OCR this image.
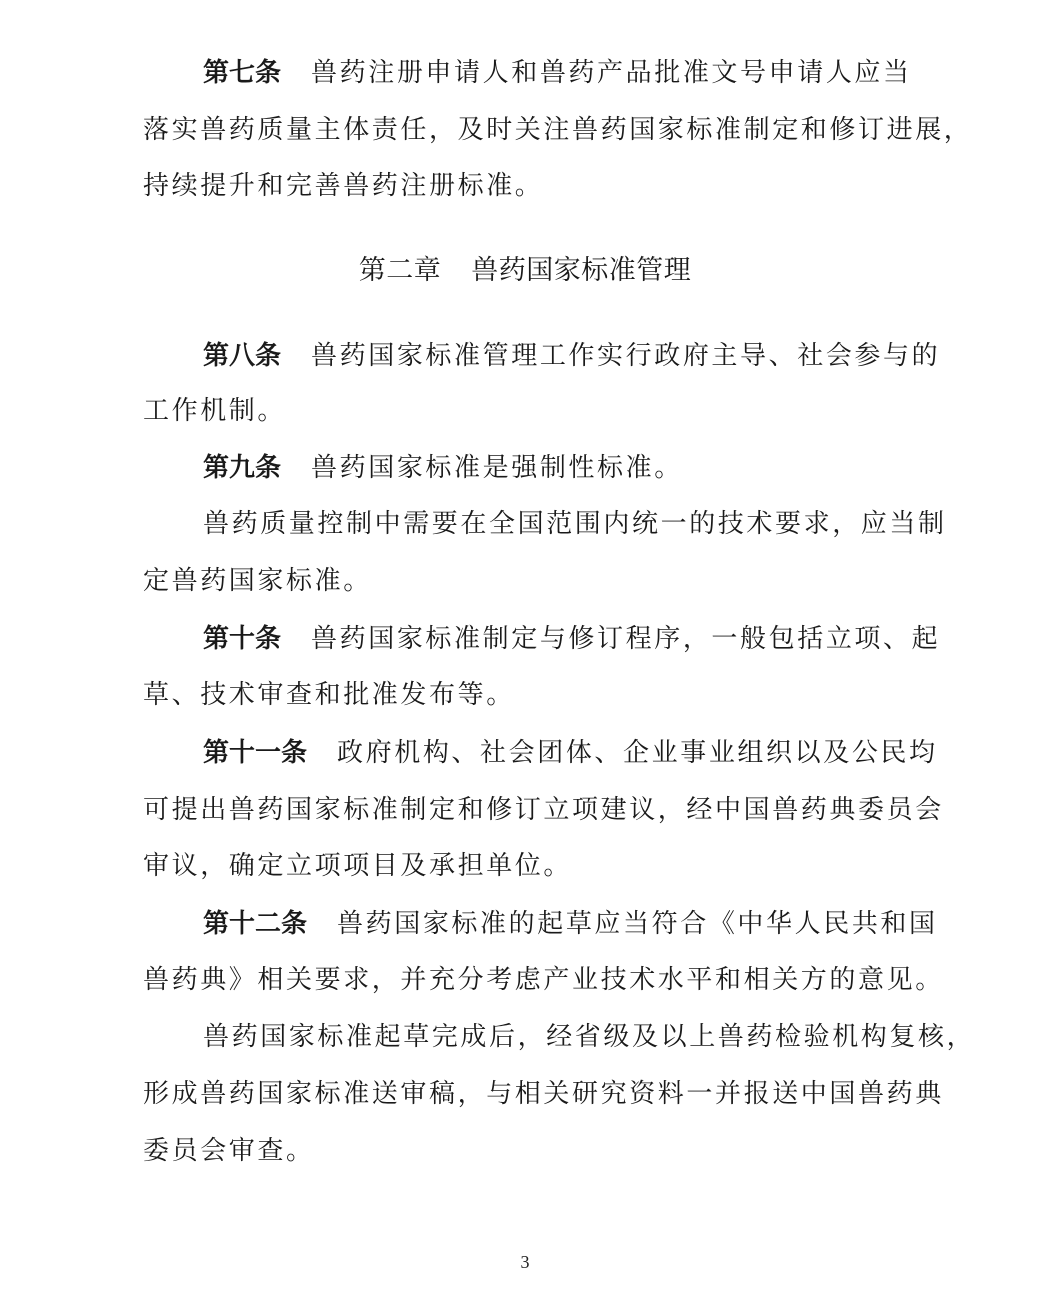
第七条 兽药注册申请人和兽药产品批准文号申请人应当
落实兽药质量主体责任，及时关注兽药国家标准制定和修订进展，
持续提升和完善兽药注册标准。
第二章 兽药国家标准管理
第八条 兽药国家标准管理工作实行政府主导、社会参与的
工作机制。
第九条 兽药国家标准是强制性标准。
兽药质量控制中需要在全国范围内统一的技术要求，应当制
定兽药国家标准。
第十条 兽药国家标准制定与修订程序，一般包括立项、起
草、技术审查和批准发布等。
第十一条 政府机构、社会团体、企业事业组织以及公民均
可提出兽药国家标准制定和修订立项建议，经中国兽药典委员会
审议，确定立项项目及承担单位。
第十二条 兽药国家标准的起草应当符合《中华人民共和国
兽药典》相关要求，并充分考虑产业技术水平和相关方的意见。
兽药国家标准起草完成后，经省级及以上兽药检验机构复核，
形成兽药国家标准送审稿，与相关研究资料一并报送中国兽药典
委员会审查。
3
